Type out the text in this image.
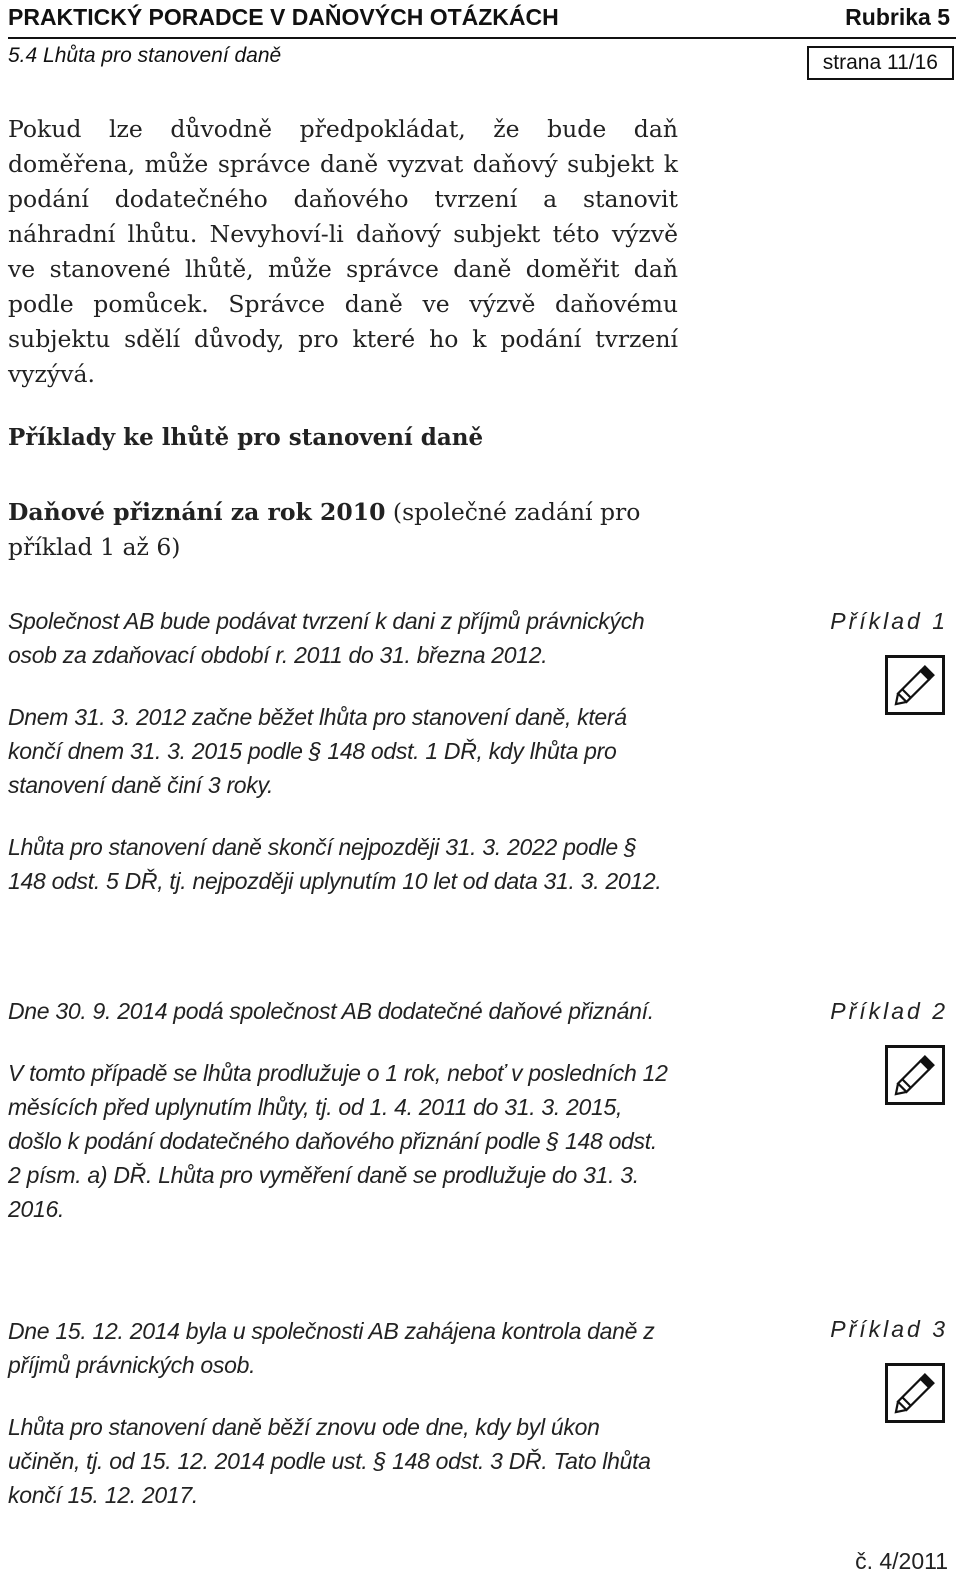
PRAKTICKÝ PORADCE V DAŇOVÝCH OTÁZKÁCH	Rubrika 5
5.4 Lhůta pro stanovení daně	strana 11/16
Pokud lze důvodně předpokládat, že bude daň doměřena, může správce daně vyzvat daňový subjekt k podání dodatečného daňového tvrzení a stanovit náhradní lhůtu. Nevyhoví-li daňový subjekt této výzvě ve stanovené lhůtě, může správce daně doměřit daň podle pomůcek. Správce daně ve výzvě daňovému subjektu sdělí důvody, pro které ho k podání tvrzení vyzývá.
Příklady ke lhůtě pro stanovení daně
Daňové přiznání za rok 2010 (společné zadání pro příklad 1 až 6)

Společnost AB bude podávat tvrzení k dani z příjmů právnických osob za zdaňovací období r. 2011 do 31. března 2012.

Dnem 31. 3. 2012 začne běžet lhůta pro stanovení daně, která končí dnem 31. 3. 2015 podle § 148 odst. 1 DŘ, kdy lhůta pro stanovení daně činí 3 roky.

Lhůta pro stanovení daně skončí nejpozději 31. 3. 2022 podle § 148 odst. 5 DŘ, tj. nejpozději uplynutím 10 let od data 31. 3. 2012.

Příklad 1

Dne 30. 9. 2014 podá společnost AB dodatečné daňové přiznání.

V tomto případě se lhůta prodlužuje o 1 rok, neboť v posledních 12 měsících před uplynutím lhůty, tj. od 1. 4. 2011 do 31. 3. 2015, došlo k podání dodatečného daňového přiznání podle § 148 odst. 2 písm. a) DŘ. Lhůta pro vyměření daně se prodlužuje do 31. 3. 2016.

Příklad 2

Dne 15. 12. 2014 byla u společnosti AB zahájena kontrola daně z příjmů právnických osob.

Lhůta pro stanovení daně běží znovu ode dne, kdy byl úkon učiněn, tj. od 15. 12. 2014 podle ust. § 148 odst. 3 DŘ. Tato lhůta končí 15. 12. 2017.

Příklad 3
č. 4/2011
